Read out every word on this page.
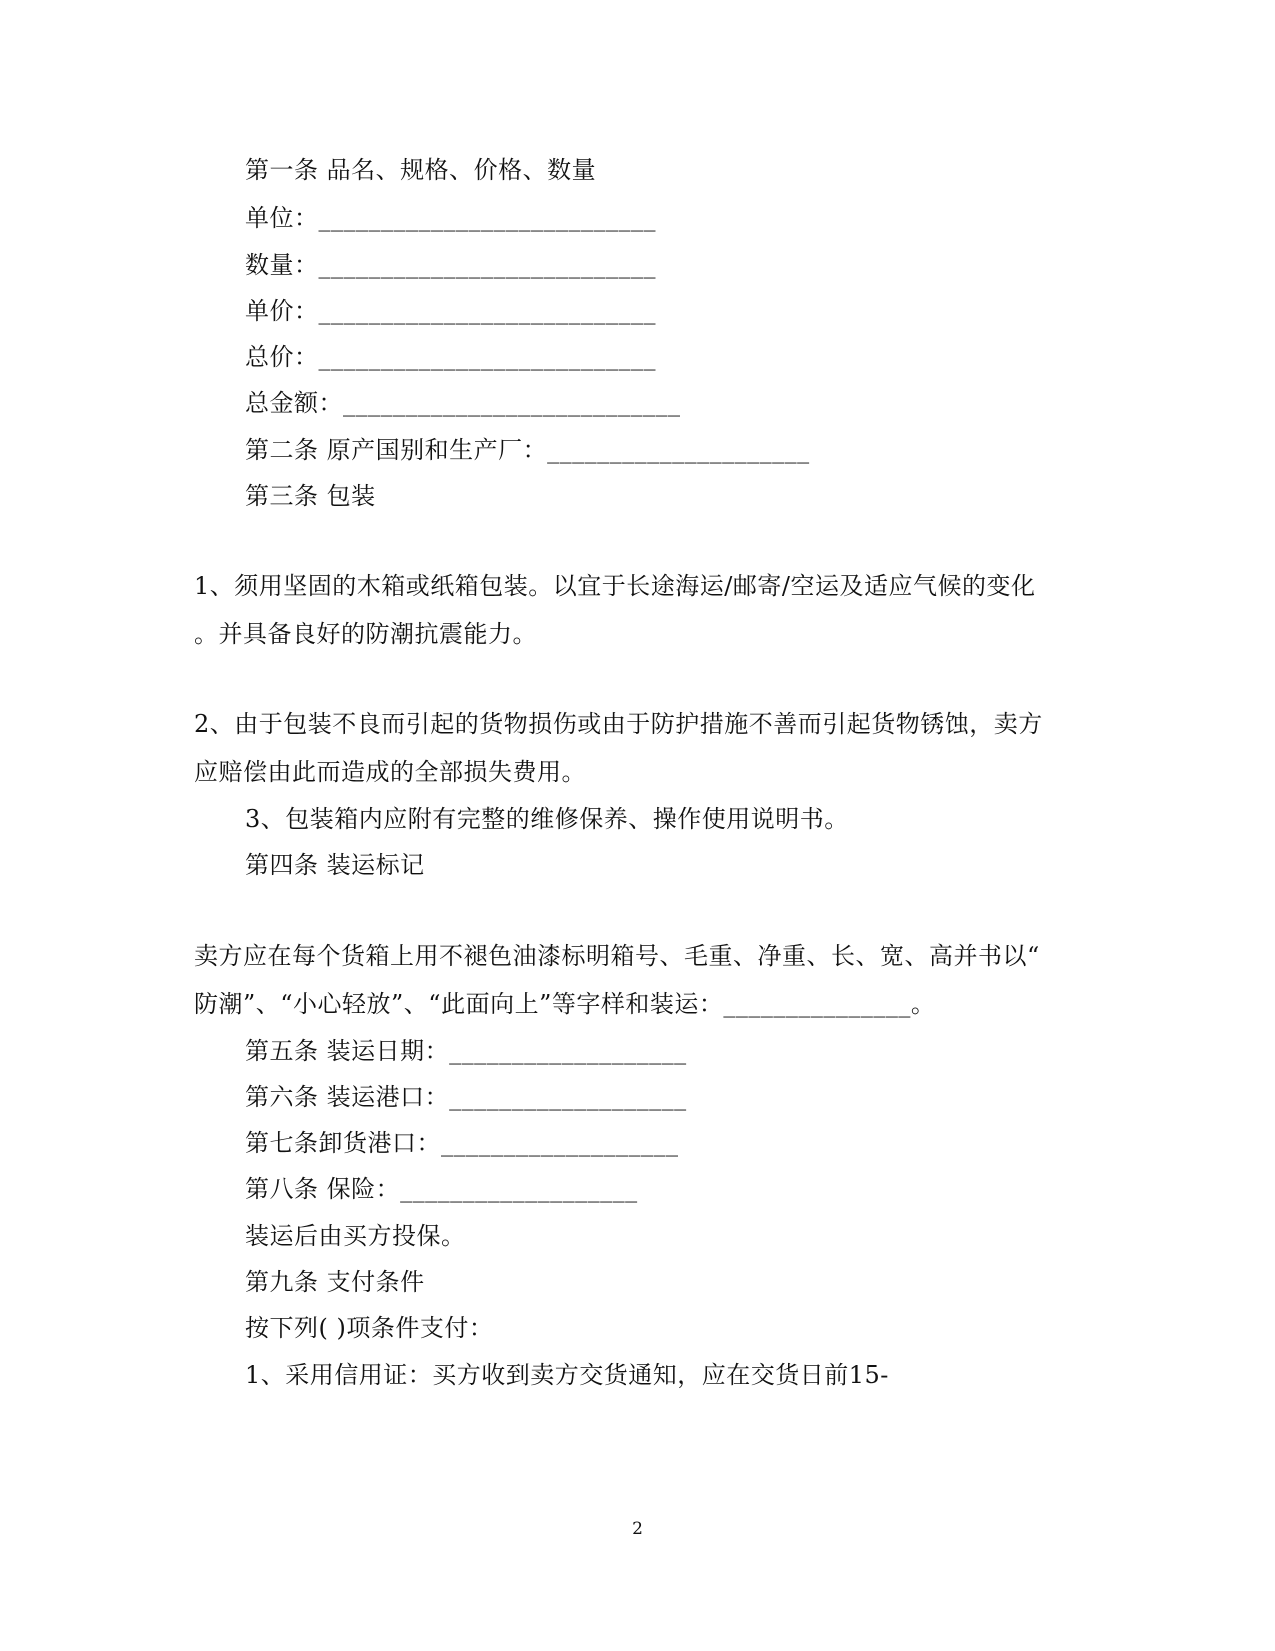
第一条 品名、规格、价格、数量
单位：___________________________
数量：___________________________
单价：___________________________
总价：___________________________
总金额：___________________________
第二条 原产国别和生产厂：_____________________
第三条 包装
1、须用坚固的木箱或纸箱包装。以宜于长途海运/邮寄/空运及适应气候的变化
。并具备良好的防潮抗震能力。
2、由于包装不良而引起的货物损伤或由于防护措施不善而引起货物锈蚀，卖方
应赔偿由此而造成的全部损失费用。
3、包装箱内应附有完整的维修保养、操作使用说明书。
第四条 装运标记
卖方应在每个货箱上用不褪色油漆标明箱号、毛重、净重、长、宽、高并书以“
防潮”、“小心轻放”、“此面向上”等字样和装运：_______________。
第五条 装运日期：___________________
第六条 装运港口：___________________
第七条卸货港口：___________________
第八条 保险：___________________
装运后由买方投保。
第九条 支付条件
按下列( )项条件支付：
1、采用信用证：买方收到卖方交货通知，应在交货日前15-
2
